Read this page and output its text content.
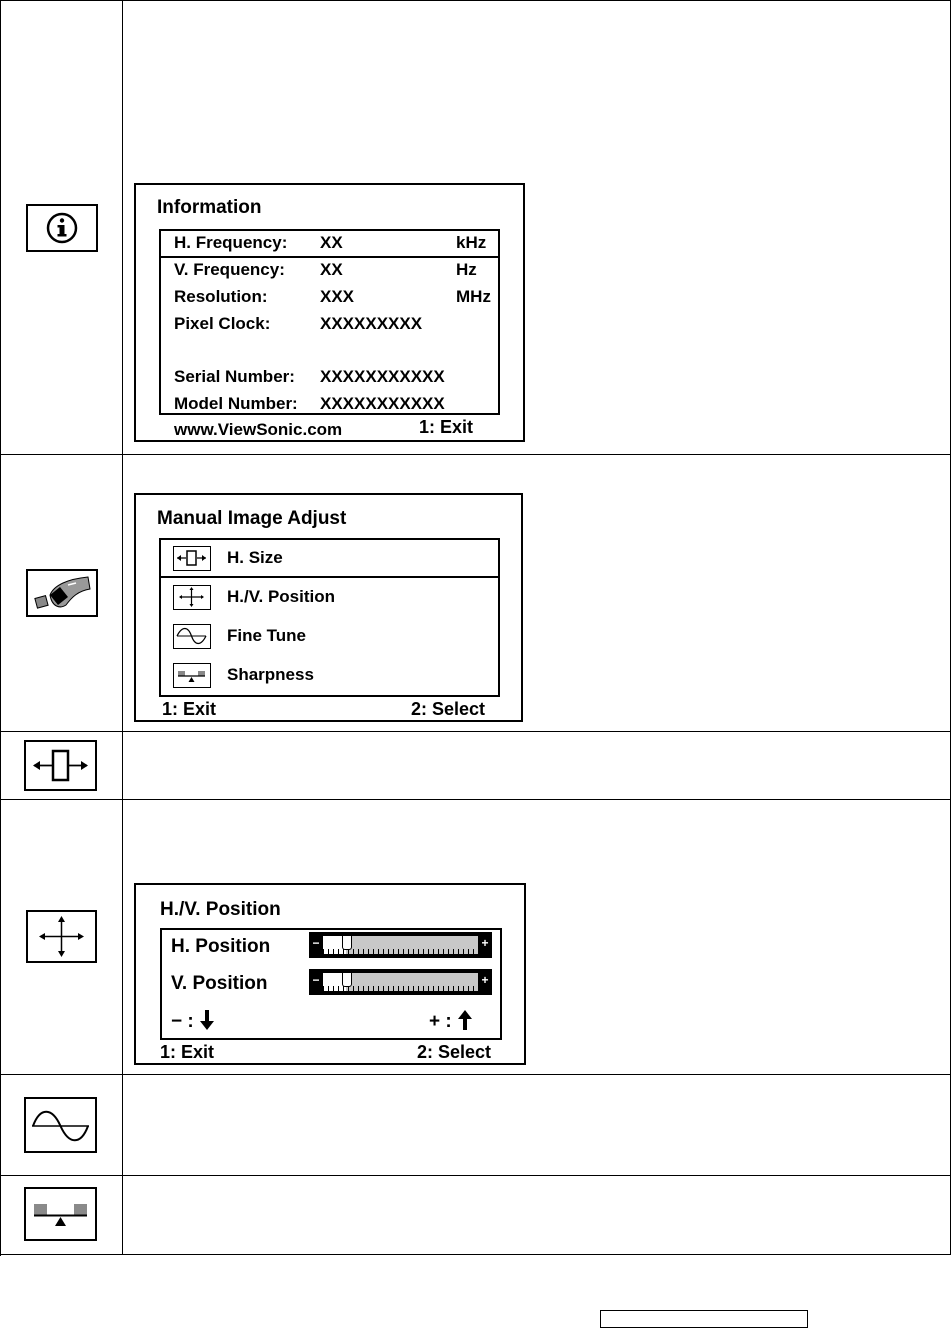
Information
H. Frequency: XX	kHz
V. Frequency: XX	Hz
Resolution:	XXX	MHz
Pixel Clock:	XXXXXXXXX
Serial Number: XXXXXXXXXXX
Model Number: XXXXXXXXXXX
www.ViewSonic.com	1: Exit
Manual Image Adjust
H. Size
H./V. Position
Fine Tune
Sharpness
1: Exit	2: Select
H./V. Position
H. Position	−	+
V. Position	−	+
− :	+ :
1: Exit	2: Select
